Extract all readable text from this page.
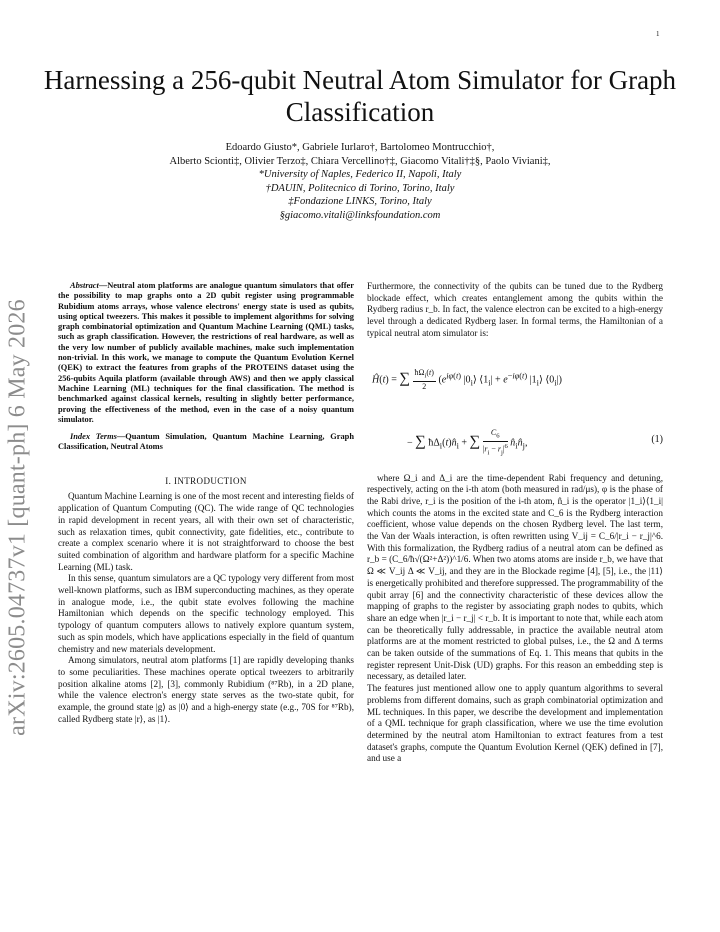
1
arXiv:2605.04737v1 [quant-ph] 6 May 2026
Harnessing a 256-qubit Neutral Atom Simulator for Graph Classification
Edoardo Giusto*, Gabriele Iurlaro†, Bartolomeo Montrucchio†,
Alberto Scionti‡, Olivier Terzo‡, Chiara Vercellino†‡, Giacomo Vitali†‡§, Paolo Viviani‡,
*University of Naples, Federico II, Napoli, Italy
†DAUIN, Politecnico di Torino, Torino, Italy
‡Fondazione LINKS, Torino, Italy
§giacomo.vitali@linksfoundation.com

Abstract—Neutral atom platforms are analogue quantum simulators that offer the possibility to map graphs onto a 2D qubit register using programmable Rubidium atoms arrays, whose valence electrons' energy state is used as qubits, using optical tweezers. This makes it possible to implement algorithms for solving graph combinatorial optimization and Quantum Machine Learning (QML) tasks, such as graph classification. However, the restrictions of real hardware, as well as the very low number of publicly available machines, make such implementation non-trivial. In this work, we manage to compute the Quantum Evolution Kernel (QEK) to extract the features from graphs of the PROTEINS dataset using the 256-qubits Aquila platform (available through AWS) and then we apply classical Machine Learning (ML) techniques for the final classification. The method is benchmarked against classical kernels, resulting in slightly better performance, proving the effectiveness of the method, even in the case of a noisy quantum simulator.

Index Terms—Quantum Simulation, Quantum Machine Learning, Graph Classification, Neutral Atoms

I. INTRODUCTION

Quantum Machine Learning is one of the most recent and interesting fields of application of Quantum Computing (QC). The wide range of QC technologies in rapid development in recent years, all with their own set of characteristic, such as relaxation times, qubit connectivity, gate fidelities, etc., contribute to create a complex scenario where it is not straightforward to choose the best suited combination of algorithm and hardware platform for a specific Machine Learning (ML) task.

In this sense, quantum simulators are a QC typology very different from most well-known platforms, such as IBM superconducting machines, as they operate in analogue mode, i.e., the qubit state evolves following the machine Hamiltonian which depends on the specific technology employed. This typology of quantum computers allows to natively explore quantum system, such as spin models, which have applications especially in the field of quantum chemistry and new materials development.

Among simulators, neutral atom platforms [1] are rapidly developing thanks to some peculiarities. These machines operate optical tweezers to arbitrarily position alkaline atoms [2], [3], commonly Rubidium (⁸⁷Rb), in a 2D plane, while the valence electron's energy state serves as the two-state qubit, for example, the ground state |g⟩ as |0⟩ and a high-energy state (e.g., 70S for ⁸⁷Rb), called Rydberg state |r⟩, as |1⟩.

Furthermore, the connectivity of the qubits can be tuned due to the Rydberg blockade effect, which creates entanglement among the qubits within the Rydberg radius r_b. In fact, the valence electron can be excited to a high-energy level through a dedicated Rydberg laser. In formal terms, the Hamiltonian of a typical neutral atom simulator is:

Ĥ(t) = ∑ $\frac{ħ\Omega_i(t)}{2} (e^{i\varphi(t)}$ $|0_i⟩$ $⟨1_i| + e^{-i\varphi(t)}$ $|1_i⟩$ $⟨0_i|$)
− ∑ $ħ\Delta_i(t)n̂_i$ + ∑ $\frac{C_6}{|r_i - r_j|^6}$ $n̂_in̂_j$,	(1)

where Ω_i and Δ_i are the time-dependent Rabi frequency and detuning, respectively, acting on the i-th atom (both measured in rad/μs), φ is the phase of the Rabi drive, r_i is the position of the i-th atom, n̂_i is the operator |1_i⟩⟨1_i| which counts the atoms in the excited state and C_6 is the Rydberg interaction coefficient, whose value depends on the chosen Rydberg level. The last term, the Van der Waals interaction, is often rewritten using V_ij = C_6/|r_i − r_j|^6. With this formalization, the Rydberg radius of a neutral atom can be defined as r_b = (C_6/ħ√(Ω²+Δ²))^1/6. When two atoms atoms are inside r_b, we have that Ω ≪ V_ij Δ ≪ V_ij, and they are in the Blockade regime [4], [5], i.e., the |11⟩ is energetically prohibited and therefore suppressed. The programmability of the qubit array [6] and the connectivity characteristic of these devices allow the mapping of graphs to the register by associating graph nodes to qubits, which share an edge when |r_i − r_j| < r_b. It is important to note that, while each atom can be theoretically fully addressable, in practice the available neutral atom platforms are at the moment restricted to global pulses, i.e., the Ω and Δ terms can be taken outside of the summations of Eq. 1. This means that qubits in the register represent Unit-Disk (UD) graphs. For this reason an embedding step is necessary, as detailed later.

The features just mentioned allow one to apply quantum algorithms to several problems from different domains, such as graph combinatorial optimization and ML techniques. In this paper, we describe the development and implementation of a QML technique for graph classification, where we use the time evolution determined by the neutral atom Hamiltonian to extract features from a test dataset's graphs, compute the Quantum Evolution Kernel (QEK) defined in [7], and use a
